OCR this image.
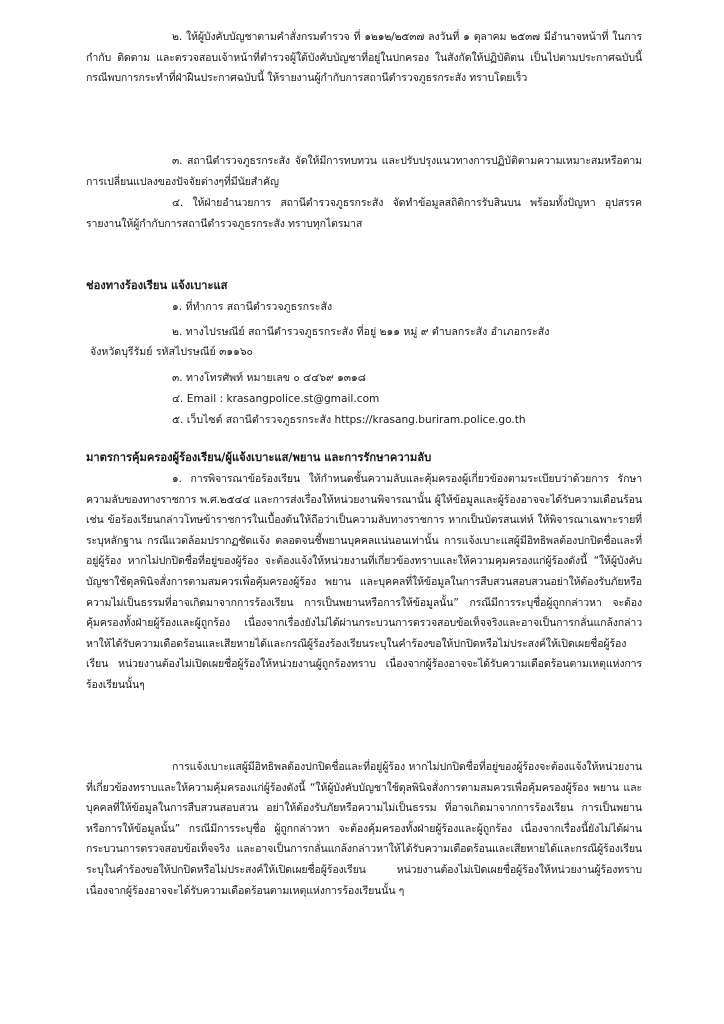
๒. ให้ผู้บังคับบัญชาตามคำสั่งกรมตำรวจ ที่ ๑๒๑๒/๒๕๓๗ ลงวันที่ ๑ ตุลาคม ๒๕๓๗ มีอำนาจหน้าที่ ในการกำกับ ติดตาม และตรวจสอบเจ้าหน้าที่ตำรวจผู้ใต้บังคับบัญชาที่อยู่ในปกครอง ในสังกัดให้ปฏิบัติตน เป็นไปตามประกาศฉบับนี้ กรณีพบการกระทำที่ฝ่าฝืนประกาศฉบับนี้ ให้รายงานผู้กำกับการสถานีตำรวจภูธรกระสัง ทราบโดยเร็ว
๓. สถานีตำรวจภูธรกระสัง จัดให้มีการทบทวน และปรับปรุงแนวทางการปฏิบัติตามความเหมาะสมหรือตามการเปลี่ยนแปลงของปัจจัยต่างๆที่มีนัยสำคัญ
๔. ให้ฝ่ายอำนวยการ สถานีตำรวจภูธรกระสัง จัดทำข้อมูลสถิติการรับสินบน พร้อมทั้งปัญหา อุปสรรค รายงานให้ผู้กำกับการสถานีตำรวจภูธรกระสัง ทราบทุกไตรมาส
ช่องทางร้องเรียน แจ้งเบาะแส
๑. ที่ทำการ สถานีตำรวจภูธรกระสัง
๒. ทางไปรษณีย์ สถานีตำรวจภูธรกระสัง ที่อยู่ ๒๑๑ หมู่ ๙ ตำบลกระสัง อำเภอกระสัง
จังหวัดบุรีรัมย์ รหัสไปรษณีย์ ๓๑๑๖๐
๓. ทางโทรศัพท์ หมายเลข ๐ ๔๔๖๙ ๑๓๑๘
๔. Email : krasangpolice.st@gmail.com
๕. เว็บไซต์ สถานีตำรวจภูธรกระสัง https://krasang.buriram.police.go.th
มาตรการคุ้มครองผู้ร้องเรียน/ผู้แจ้งเบาะแส/พยาน และการรักษาความลับ
๑. การพิจารณาข้อร้องเรียน ให้กำหนดชั้นความลับและคุ้มครองผู้เกี่ยวข้องตามระเบียบว่าด้วยการ รักษาความลับของทางราชการ พ.ศ.๒๕๔๔ และการส่งเรื่องให้หน่วยงานพิจารณานั้น ผู้ให้ข้อมูลและผู้ร้องอาจจะได้รับความเดือนร้อน เช่น ข้อร้องเรียนกล่าวโทษข้าราชการในเบื้องต้นให้ถือว่าเป็นความลับทางราชการ หากเป็นบัตรสนเท่ห์ ให้พิจารณาเฉพาะรายที่ระบุหลักฐาน กรณีแวดล้อมปรากฏชัดแจ้ง ตลอดจนชี้พยานบุคคลแน่นอนเท่านั้น การแจ้งเบาะแสผู้มีอิทธิพลต้องปกปิดชื่อและที่อยู่ผู้ร้อง หากไม่ปกปิดชื่อที่อยู่ของผู้ร้อง จะต้องแจ้งให้หน่วยงานที่เกี่ยวข้องทราบและให้ความคุมครองแก่ผู้ร้องดังนี้ “ให้ผู้บังคับบัญชาใช้ดุลพินิจสั่งการตามสมควรเพื่อคุ้มครองผู้ร้อง พยาน และบุคคลที่ให้ข้อมูลในการสืบสวนสอบสวนอย่าให้ต้องรับภัยหรือความไม่เป็นธรรมที่อาจเกิดมาจากการร้องเรียน การเป็นพยานหรือการให้ข้อมูลนั้น” กรณีมีการระบุชื่อผู้ถูกกล่าวหา จะต้องคุ้มครองทั้งฝ่ายผู้ร้องและผู้ถูกร้อง เนื่องจากเรื่องยังไม่ได้ผ่านกระบวนการตรวจสอบข้อเท็จจริงและอาจเป็นการกลั่นแกล้งกล่าวหาให้ได้รับความเดือดร้อนและเสียหายได้และกรณีผู้ร้องร้องเรียนระบุในคำร้องขอให้ปกปิดหรือไม่ประสงค์ให้เปิดเผยชื่อผู้ร้องเรียน หน่วยงานต้องไม่เปิดเผยชื่อผู้ร้องให้หน่วยงานผู้ถูกร้องทราบ เนื่องจากผู้ร้องอาจจะได้รับความเดือดร้อนตามเหตุแห่งการร้องเรียนนั้นๆ
การแจ้งเบาะแสผู้มีอิทธิพลต้องปกปิดชื่อและที่อยู่ผู้ร้อง หากไม่ปกปิดชื่อที่อยู่ของผู้ร้องจะต้องแจ้งให้หน่วยงานที่เกี่ยวข้องทราบและให้ความคุ้มครองแก่ผู้ร้องดังนี้ “ให้ผู้บังคับบัญชาใช้ดุลพินิจสั่งการตามสมควรเพื่อคุ้มครองผู้ร้อง พยาน และบุคคลที่ให้ข้อมูลในการสืบสวนสอบสวน อย่าให้ต้องรับภัยหรือความไม่เป็นธรรม ที่อาจเกิดมาจากการร้องเรียน การเป็นพยานหรือการให้ข้อมูลนั้น” กรณีมีการระบุชื่อ ผู้ถูกกล่าวหา จะต้องคุ้มครองทั้งฝ่ายผู้ร้องและผู้ถูกร้อง เนื่องจากเรื่องนี้ยังไม่ได้ผ่านกระบวนการตรวจสอบข้อเท็จจริง และอาจเป็นการกลั่นแกล้งกล่าวหาให้ได้รับความเดือดร้อนและเสียหายได้และกรณีผู้ร้องเรียนระบุในคำร้องขอให้ปกปิดหรือไม่ประสงค์ให้เปิดเผยชื่อผู้ร้องเรียน หน่วยงานต้องไม่เปิดเผยชื่อผู้ร้องให้หน่วยงานผู้ร้องทราบ เนื่องจากผู้ร้องอาจจะได้รับความเดือดร้อนตามเหตุแห่งการร้องเรียนนั้น ๆ
